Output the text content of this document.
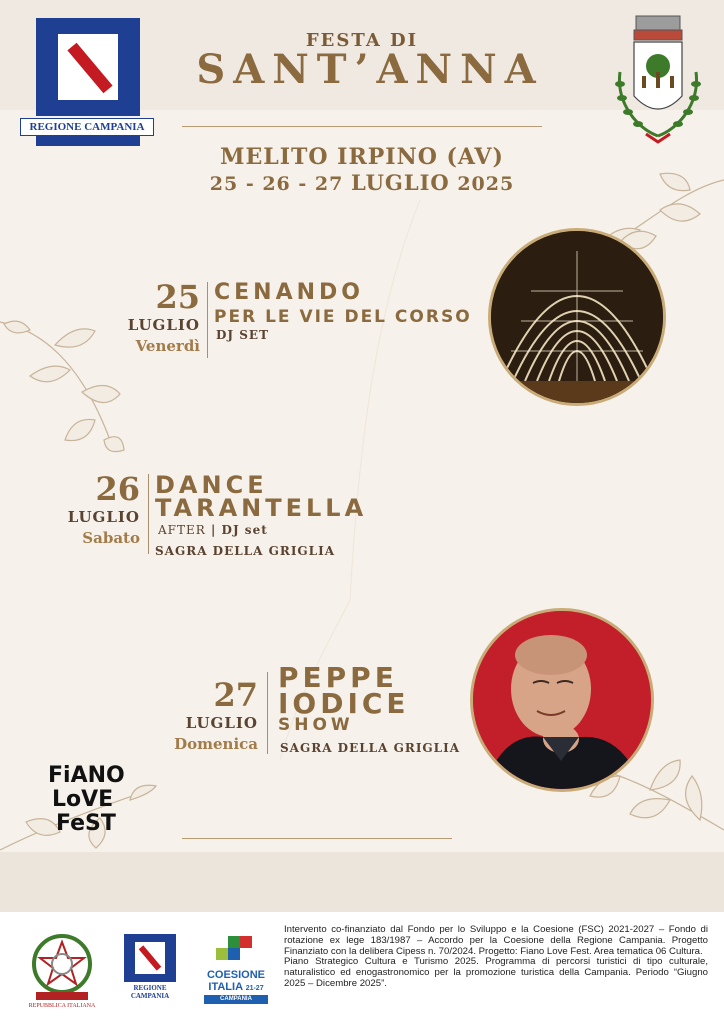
REGIONE CAMPANIA
FESTA DI
SANT’ANNA
MELITO IRPINO (AV)
25 - 26 - 27 LUGLIO 2025
25
LUGLIO
Venerdì
CENANDO
PER LE VIE DEL CORSO
DJ SET
26
LUGLIO
Sabato
DANCE
TARANTELLA
AFTER | DJ set
SAGRA DELLA GRIGLIA
27
LUGLIO
Domenica
PEPPE
IODICE
SHOW
SAGRA DELLA GRIGLIA
FiANO
LoVE
FeST
REPUBBLICA ITALIANA
REGIONE CAMPANIA
COESIONE
ITALIA 21-27
CAMPANIA

Intervento co-finanziato dal Fondo per lo Sviluppo e la Coesione (FSC) 2021-2027 – Fondo di rotazione ex lege 183/1987 – Accordo per la Coesione della Regione Campania. Progetto Finanziato con la delibera Cipess n. 70/2024. Progetto: Fiano Love Fest. Area tematica 06 Cultura.

Piano Strategico Cultura e Turismo 2025. Programma di percorsi turistici di tipo culturale, naturalistico ed enogastronomico per la promozione turistica della Campania. Periodo “Giugno 2025 – Dicembre 2025”.
